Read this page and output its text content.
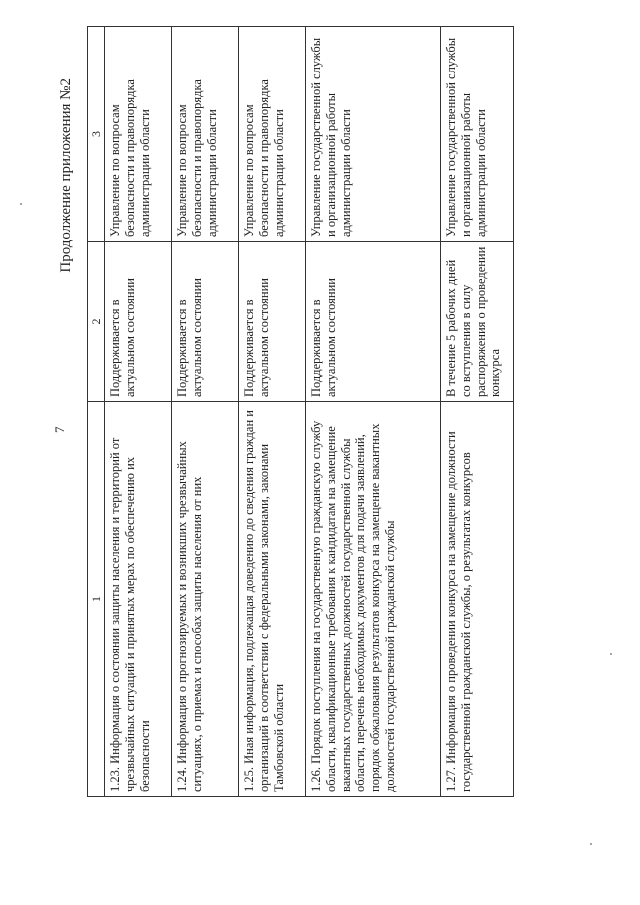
7
Продолжение приложения №2
1	2	3
1.23. Информация о состоянии защиты населения и территорий от чрезвычайных ситуаций и принятых мерах по обеспечению их безопасности	Поддерживается в актуальном состоянии	Управление по вопросам безопасности и правопорядка администрации области
1.24. Информация о прогнозируемых и возникших чрезвычайных ситуациях, о приемах и способах защиты населения от них	Поддерживается в актуальном состоянии	Управление по вопросам безопасности и правопорядка администрации области
1.25. Иная информация, подлежащая доведению до сведения граждан и организаций в соответствии с федеральными законами, законами Тамбовской области	Поддерживается в актуальном состоянии	Управление по вопросам безопасности и правопорядка администрации области
1.26. Порядок поступления на государственную гражданскую службу области, квалификационные требования к кандидатам на замещение вакантных государственных должностей государственной службы области, перечень необходимых документов для подачи заявлений, порядок обжалования результатов конкурса на замещение вакантных должностей государственной гражданской службы	Поддерживается в актуальном состоянии	Управление государственной службы и организационной работы администрации области
1.27. Информация о проведении конкурса на замещение должности государственной гражданской службы, о результатах конкурсов	В течение 5 рабочих дней со вступления в силу распоряжения о проведении конкурса	Управление государственной службы и организационной работы администрации области
